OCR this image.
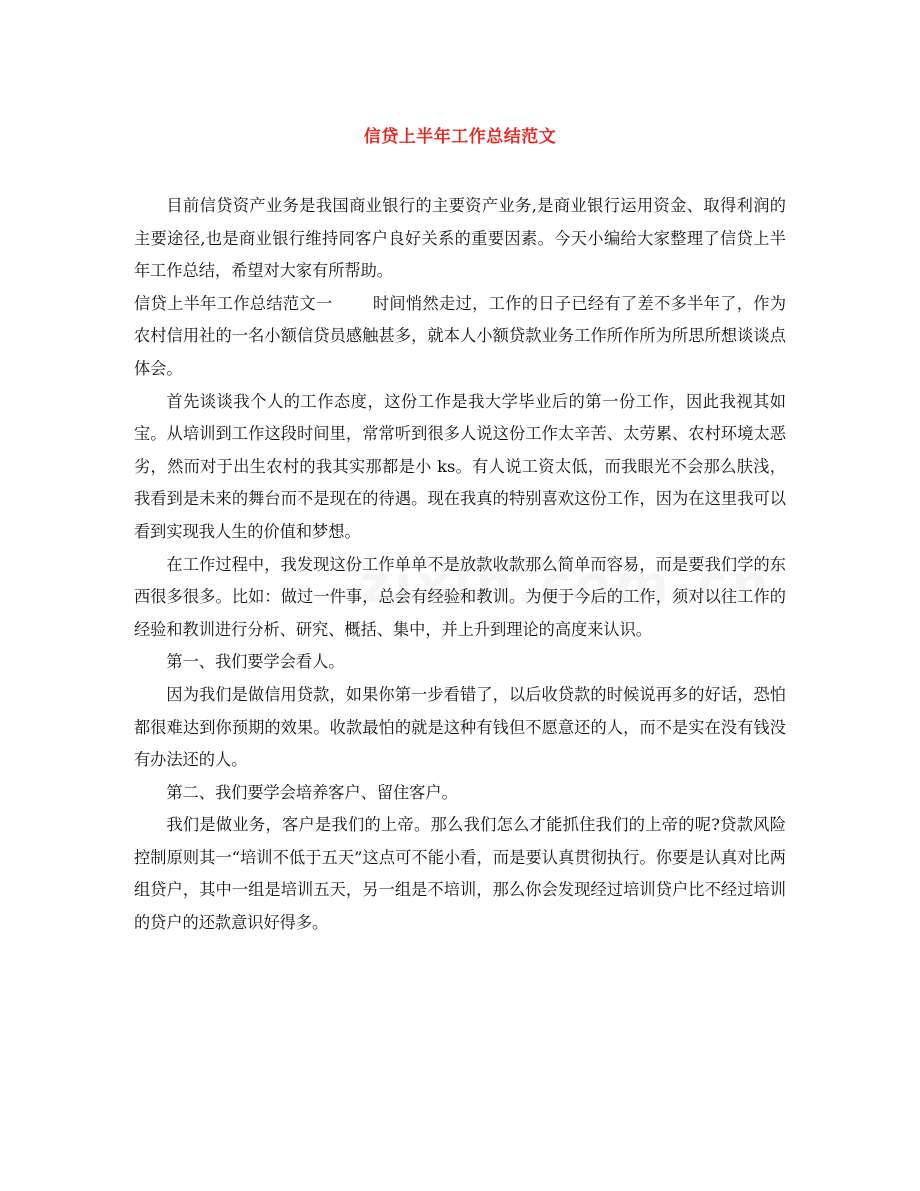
信贷上半年工作总结范文

目前信贷资产业务是我国商业银行的主要资产业务,是商业银行运用资金、取得利润的主要途径,也是商业银行维持同客户良好关系的重要因素。今天小编给大家整理了信贷上半年工作总结，希望对大家有所帮助。

信贷上半年工作总结范文一 时间悄然走过，工作的日子已经有了差不多半年了，作为农村信用社的一名小额信贷员感触甚多，就本人小额贷款业务工作所作所为所思所想谈谈点体会。

首先谈谈我个人的工作态度，这份工作是我大学毕业后的第一份工作，因此我视其如宝。从培训到工作这段时间里，常常听到很多人说这份工作太辛苦、太劳累、农村环境太恶劣，然而对于出生农村的我其实那都是小 ks。有人说工资太低，而我眼光不会那么肤浅，我看到是未来的舞台而不是现在的待遇。现在我真的特别喜欢这份工作，因为在这里我可以看到实现我人生的价值和梦想。

在工作过程中，我发现这份工作单单不是放款收款那么简单而容易，而是要我们学的东西很多很多。比如：做过一件事，总会有经验和教训。为便于今后的工作，须对以往工作的经验和教训进行分析、研究、概括、集中，并上升到理论的高度来认识。

第一、我们要学会看人。

因为我们是做信用贷款，如果你第一步看错了，以后收贷款的时候说再多的好话，恐怕都很难达到你预期的效果。收款最怕的就是这种有钱但不愿意还的人，而不是实在没有钱没有办法还的人。

第二、我们要学会培养客户、留住客户。

我们是做业务，客户是我们的上帝。那么我们怎么才能抓住我们的上帝的呢?贷款风险控制原则其一“培训不低于五天”这点可不能小看，而是要认真贯彻执行。你要是认真对比两组贷户，其中一组是培训五天，另一组是不培训，那么你会发现经过培训贷户比不经过培训的贷户的还款意识好得多。
